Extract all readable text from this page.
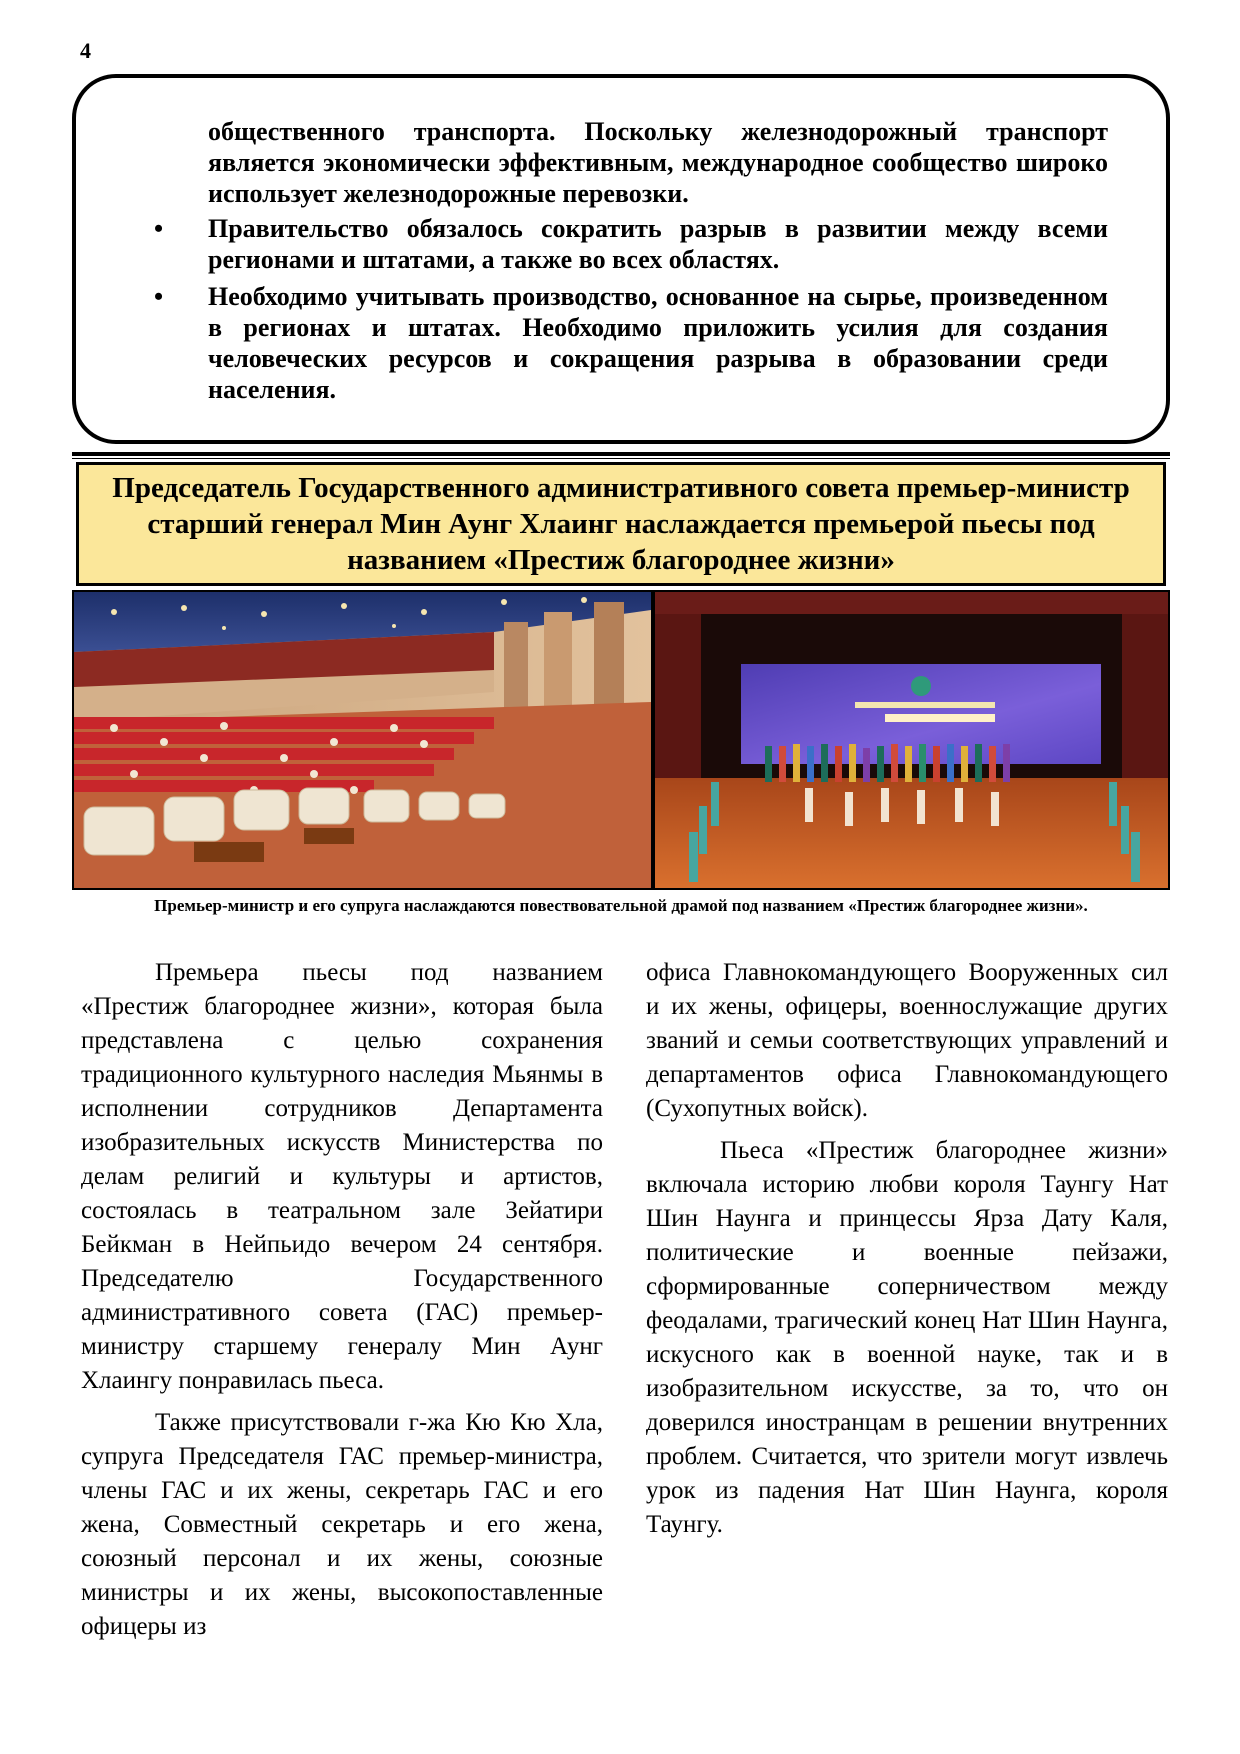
4

общественного транспорта. Поскольку железнодорожный транспорт является экономически эффективным, международное сообщество широко использует железнодорожные перевозки.

• Правительство обязалось сократить разрыв в развитии между всеми регионами и штатами, а также во всех областях.

• Необходимо учитывать производство, основанное на сырье, произведенном в регионах и штатах. Необходимо приложить усилия для создания человеческих ресурсов и сокращения разрыва в образовании среди населения.

Председатель Государственного административного совета премьер-министр старший генерал Мин Аунг Хлаинг наслаждается премьерой пьесы под названием «Престиж благороднее жизни»

Премьер-министр и его супруга наслаждаются повествовательной драмой под названием «Престиж благороднее жизни».

Премьера пьесы под названием «Престиж благороднее жизни», которая была представлена с целью сохранения традиционного культурного наследия Мьянмы в исполнении сотрудников Департамента изобразительных искусств Министерства по делам религий и культуры и артистов, состоялась в театральном зале Зейатири Бейкман в Нейпьидо вечером 24 сентября. Председателю Государственного административного совета (ГАС) премьер-министру старшему генералу Мин Аунг Хлаингу понравилась пьеса.

Также присутствовали г-жа Кю Кю Хла, супруга Председателя ГАС премьер-министра, члены ГАС и их жены, секретарь ГАС и его жена, Совместный секретарь и его жена, союзный персонал и их жены, союзные министры и их жены, высокопоставленные офицеры из

офиса Главнокомандующего Вооруженных сил и их жены, офицеры, военнослужащие других званий и семьи соответствующих управлений и департаментов офиса Главнокомандующего (Сухопутных войск).

Пьеса «Престиж благороднее жизни» включала историю любви короля Таунгу Нат Шин Наунга и принцессы Ярза Дату Каля, политические и военные пейзажи, сформированные соперничеством между феодалами, трагический конец Нат Шин Наунга, искусного как в военной науке, так и в изобразительном искусстве, за то, что он доверился иностранцам в решении внутренних проблем. Считается, что зрители могут извлечь урок из падения Нат Шин Наунга, короля Таунгу.
